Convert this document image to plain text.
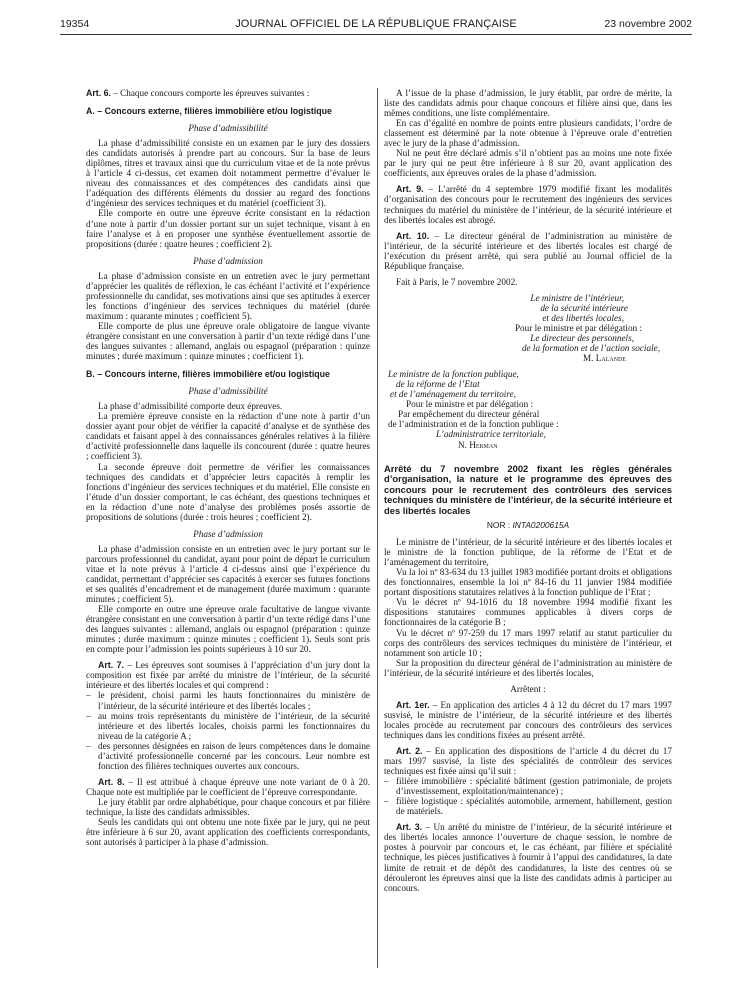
19354	JOURNAL OFFICIEL DE LA RÉPUBLIQUE FRANÇAISE	23 novembre 2002

Art. 6. – Chaque concours comporte les épreuves suivantes :

A. – Concours externe, filières immobilière et/ou logistique

Phase d’admissibilité

La phase d’admissibilité consiste en un examen par le jury des dossiers des candidats autorisés à prendre part au concours. Sur la base de leurs diplômes, titres et travaux ainsi que du curriculum vitae et de la note prévus à l’article 4 ci-dessus, cet examen doit notamment permettre d’évaluer le niveau des connaissances et des compétences des candidats ainsi que l’adéquation des différents éléments du dossier au regard des fonctions d’ingénieur des services techniques et du matériel (coefficient 3).

Elle comporte en outre une épreuve écrite consistant en la rédaction d’une note à partir d’un dossier portant sur un sujet technique, visant à en faire l’analyse et à en proposer une synthèse éventuellement assortie de propositions (durée : quatre heures ; coefficient 2).

Phase d’admission

La phase d’admission consiste en un entretien avec le jury permettant d’apprécier les qualités de réflexion, le cas échéant l’activité et l’expérience professionnelle du candidat, ses motivations ainsi que ses aptitudes à exercer les fonctions d’ingénieur des services techniques du matériel (durée maximum : quarante minutes ; coefficient 5).

Elle comporte de plus une épreuve orale obligatoire de langue vivante étrangère consistant en une conversation à partir d’un texte rédigé dans l’une des langues suivantes : allemand, anglais ou espagnol (préparation : quinze minutes ; durée maximum : quinze minutes ; coefficient 1).

B. – Concours interne, filières immobilière et/ou logistique

Phase d’admissibilité

La phase d’admissibilité comporte deux épreuves.

La première épreuve consiste en la rédaction d’une note à partir d’un dossier ayant pour objet de vérifier la capacité d’analyse et de synthèse des candidats et faisant appel à des connaissances générales relatives à la filière d’activité professionnelle dans laquelle ils concourent (durée : quatre heures ; coefficient 3).

La seconde épreuve doit permettre de vérifier les connaissances techniques des candidats et d’apprécier leurs capacités à remplir les fonctions d’ingénieur des services techniques et du matériel. Elle consiste en l’étude d’un dossier comportant, le cas échéant, des questions techniques et en la rédaction d’une note d’analyse des problèmes posés assortie de propositions de solutions (durée : trois heures ; coefficient 2).

Phase d’admission

La phase d’admission consiste en un entretien avec le jury portant sur le parcours professionnel du candidat, ayant pour point de départ le curriculum vitae et la note prévus à l’article 4 ci-dessus ainsi que l’expérience du candidat, permettant d’apprécier ses capacités à exercer ses futures fonctions et ses qualités d’encadrement et de management (durée maximum : quarante minutes ; coefficient 5).

Elle comporte en outre une épreuve orale facultative de langue vivante étrangère consistant en une conversation à partir d’un texte rédigé dans l’une des langues suivantes : allemand, anglais ou espagnol (préparation : quinze minutes ; durée maximum : quinze minutes ; coefficient 1). Seuls sont pris en compte pour l’admission les points supérieurs à 10 sur 20.

Art. 7. – Les épreuves sont soumises à l’appréciation d’un jury dont la composition est fixée par arrêté du ministre de l’intérieur, de la sécurité intérieure et des libertés locales et qui comprend :

– le président, choisi parmi les hauts fonctionnaires du ministère de l’intérieur, de la sécurité intérieure et des libertés locales ;
– au moins trois représentants du ministère de l’intérieur, de la sécurité intérieure et des libertés locales, choisis parmi les fonctionnaires du niveau de la catégorie A ;
– des personnes désignées en raison de leurs compétences dans le domaine d’activité professionnelle concerné par les concours. Leur nombre est fonction des filières techniques ouvertes aux concours.

Art. 8. – Il est attribué à chaque épreuve une note variant de 0 à 20. Chaque note est multipliée par le coefficient de l’épreuve correspondante.

Le jury établit par ordre alphabétique, pour chaque concours et par filière technique, la liste des candidats admissibles.

Seuls les candidats qui ont obtenu une note fixée par le jury, qui ne peut être inférieure à 6 sur 20, avant application des coefficients correspondants, sont autorisés à participer à la phase d’admission.

A l’issue de la phase d’admission, le jury établit, par ordre de mérite, la liste des candidats admis pour chaque concours et filière ainsi que, dans les mêmes conditions, une liste complémentaire.

En cas d’égalité en nombre de points entre plusieurs candidats, l’ordre de classement est déterminé par la note obtenue à l’épreuve orale d’entretien avec le jury de la phase d’admission.

Nul ne peut être déclaré admis s’il n’obtient pas au moins une note fixée par le jury qui ne peut être inférieure à 8 sur 20, avant application des coefficients, aux épreuves orales de la phase d’admission.

Art. 9. – L’arrêté du 4 septembre 1979 modifié fixant les modalités d’organisation des concours pour le recrutement des ingénieurs des services techniques du matériel du ministère de l’intérieur, de la sécurité intérieure et des libertés locales est abrogé.

Art. 10. – Le directeur général de l’administration au ministère de l’intérieur, de la sécurité intérieure et des libertés locales est chargé de l’exécution du présent arrêté, qui sera publié au Journal officiel de la République française.

Fait à Paris, le 7 novembre 2002.

Le ministre de l’intérieur,

de la sécurité intérieure

et des libertés locales,

Pour le ministre et par délégation :

Le directeur des personnels,

de la formation et de l’action sociale,

M. Lalande

Le ministre de la fonction publique,

de la réforme de l’Etat

et de l’aménagement du territoire,

Pour le ministre et par délégation :

Par empêchement du directeur général

de l’administration et de la fonction publique :

L’administratrice territoriale,

N. Herman

Arrêté du 7 novembre 2002 fixant les règles générales d’organisation, la nature et le programme des épreuves des concours pour le recrutement des contrôleurs des services techniques du ministère de l’intérieur, de la sécurité intérieure et des libertés locales

NOR : INTA0200615A

Le ministre de l’intérieur, de la sécurité intérieure et des libertés locales et le ministre de la fonction publique, de la réforme de l’Etat et de l’aménagement du territoire,

Vu la loi nº 83-634 du 13 juillet 1983 modifiée portant droits et obligations des fonctionnaires, ensemble la loi nº 84-16 du 11 janvier 1984 modifiée portant dispositions statutaires relatives à la fonction publique de l’Etat ;

Vu le décret nº 94-1016 du 18 novembre 1994 modifié fixant les dispositions statutaires communes applicables à divers corps de fonctionnaires de la catégorie B ;

Vu le décret nº 97-259 du 17 mars 1997 relatif au statut particulier du corps des contrôleurs des services techniques du ministère de l’intérieur, et notamment son article 10 ;

Sur la proposition du directeur général de l’administration au ministère de l’intérieur, de la sécurité intérieure et des libertés locales,

Arrêtent :

Art. 1er. – En application des articles 4 à 12 du décret du 17 mars 1997 susvisé, le ministre de l’intérieur, de la sécurité intérieure et des libertés locales procède au recrutement par concours des contrôleurs des services techniques dans les conditions fixées au présent arrêté.

Art. 2. – En application des dispositions de l’article 4 du décret du 17 mars 1997 susvisé, la liste des spécialités de contrôleur des services techniques est fixée ainsi qu’il suit :

– filière immobilière : spécialité bâtiment (gestion patrimoniale, de projets d’investissement, exploitation/maintenance) ;
– filière logistique : spécialités automobile, armement, habillement, gestion de matériels.

Art. 3. – Un arrêté du ministre de l’intérieur, de la sécurité intérieure et des libertés locales annonce l’ouverture de chaque session, le nombre de postes à pourvoir par concours et, le cas échéant, par filière et spécialité technique, les pièces justificatives à fournir à l’appui des candidatures, la date limite de retrait et de dépôt des candidatures, la liste des centres où se dérouleront les épreuves ainsi que la liste des candidats admis à participer au concours.
